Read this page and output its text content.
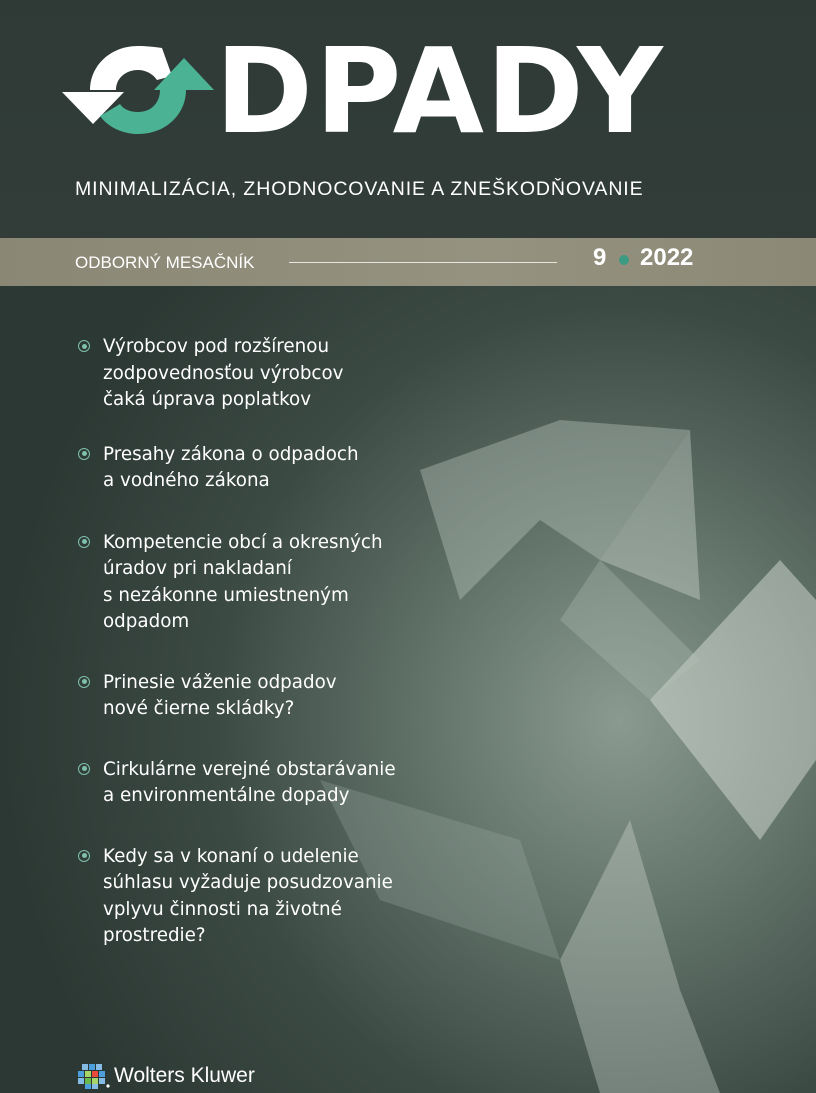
DPADY
MINIMALIZÁCIA, ZHODNOCOVANIE A ZNEŠKODŇOVANIE
ODBORNÝ MESAČNÍK	9 2022
Výrobcov pod rozšírenou
zodpovednosťou výrobcov
čaká úprava poplatkov
Presahy zákona o odpadoch
a vodného zákona
Kompetencie obcí a okresných
úradov pri nakladaní
s nezákonne umiestneným
odpadom
Prinesie váženie odpadov
nové čierne skládky?
Cirkulárne verejné obstarávanie
a environmentálne dopady
Kedy sa v konaní o udelenie
súhlasu vyžaduje posudzovanie
vplyvu činnosti na životné
prostredie?
Wolters Kluwer
